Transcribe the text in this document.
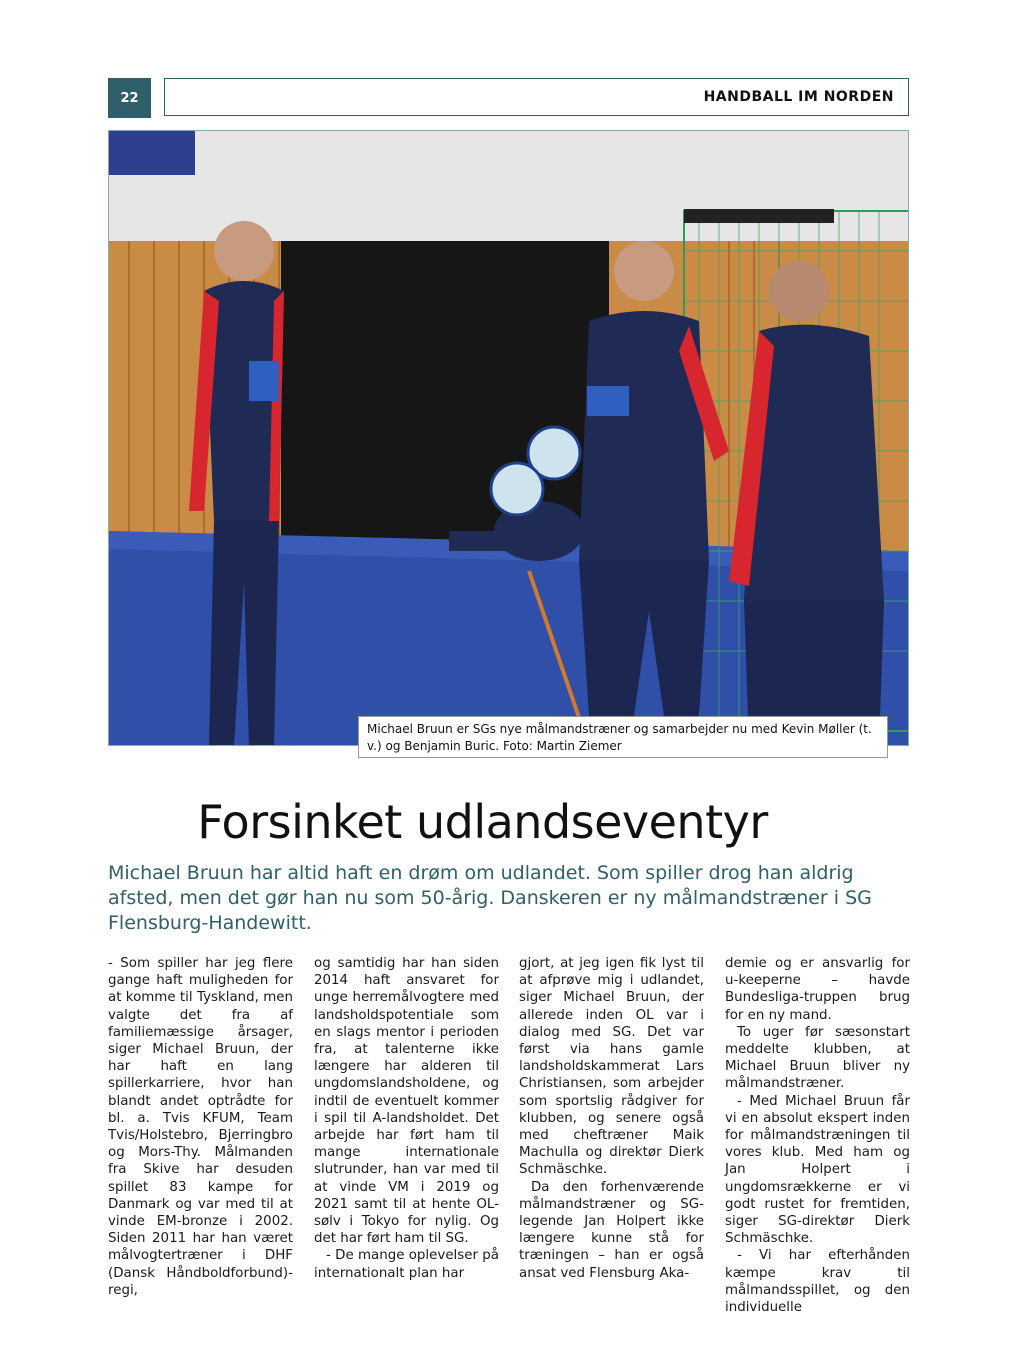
22	HANDBALL IM NORDEN
Michael Bruun er SGs nye målmandstræner og samarbejder nu med Kevin Møller (t. v.) og Benjamin Buric. Foto: Martin Ziemer
Forsinket udlandseventyr
Michael Bruun har altid haft en drøm om udlandet. Som spiller drog han aldrig afsted, men det gør han nu som 50-årig. Danskeren er ny målmandstræner i SG Flensburg-Handewitt.

- Som spiller har jeg flere gange haft muligheden for at komme til Tyskland, men valgte det fra af familiemæssige årsager, siger Michael Bruun, der har haft en lang spillerkarriere, hvor han blandt andet optrådte for bl. a. Tvis KFUM, Team Tvis/Holstebro, Bjerringbro og Mors-Thy. Målmanden fra Skive har desuden spillet 83 kampe for Danmark og var med til at vinde EM-bronze i 2002. Siden 2011 har han været målvogtertræner i DHF (Dansk Håndboldforbund)-regi,

og samtidig har han siden 2014 haft ansvaret for unge herremålvogtere med landsholdspotentiale som en slags mentor i perioden fra, at talenterne ikke længere har alderen til ungdomslandsholdene, og indtil de eventuelt kommer i spil til A-landsholdet. Det arbejde har ført ham til mange internationale slutrunder, han var med til at vinde VM i 2019 og 2021 samt til at hente OL-sølv i Tokyo for nylig. Og det har ført ham til SG.

- De mange oplevelser på internationalt plan har

gjort, at jeg igen fik lyst til at afprøve mig i udlandet, siger Michael Bruun, der allerede inden OL var i dialog med SG. Det var først via hans gamle landsholdskammerat Lars Christiansen, som arbejder som sportslig rådgiver for klubben, og senere også med cheftræner Maik Machulla og direktør Dierk Schmäschke.

Da den forhenværende målmandstræner og SG-legende Jan Holpert ikke længere kunne stå for træningen – han er også ansat ved Flensburg Aka-

demie og er ansvarlig for u-keeperne – havde Bundesliga-truppen brug for en ny mand.

To uger før sæsonstart meddelte klubben, at Michael Bruun bliver ny målmandstræner.

- Med Michael Bruun får vi en absolut ekspert inden for målmandstræningen til vores klub. Med ham og Jan Holpert i ungdomsrækkerne er vi godt rustet for fremtiden, siger SG-direktør Dierk Schmäschke.

- Vi har efterhånden kæmpe krav til målmandsspillet, og den individuelle
